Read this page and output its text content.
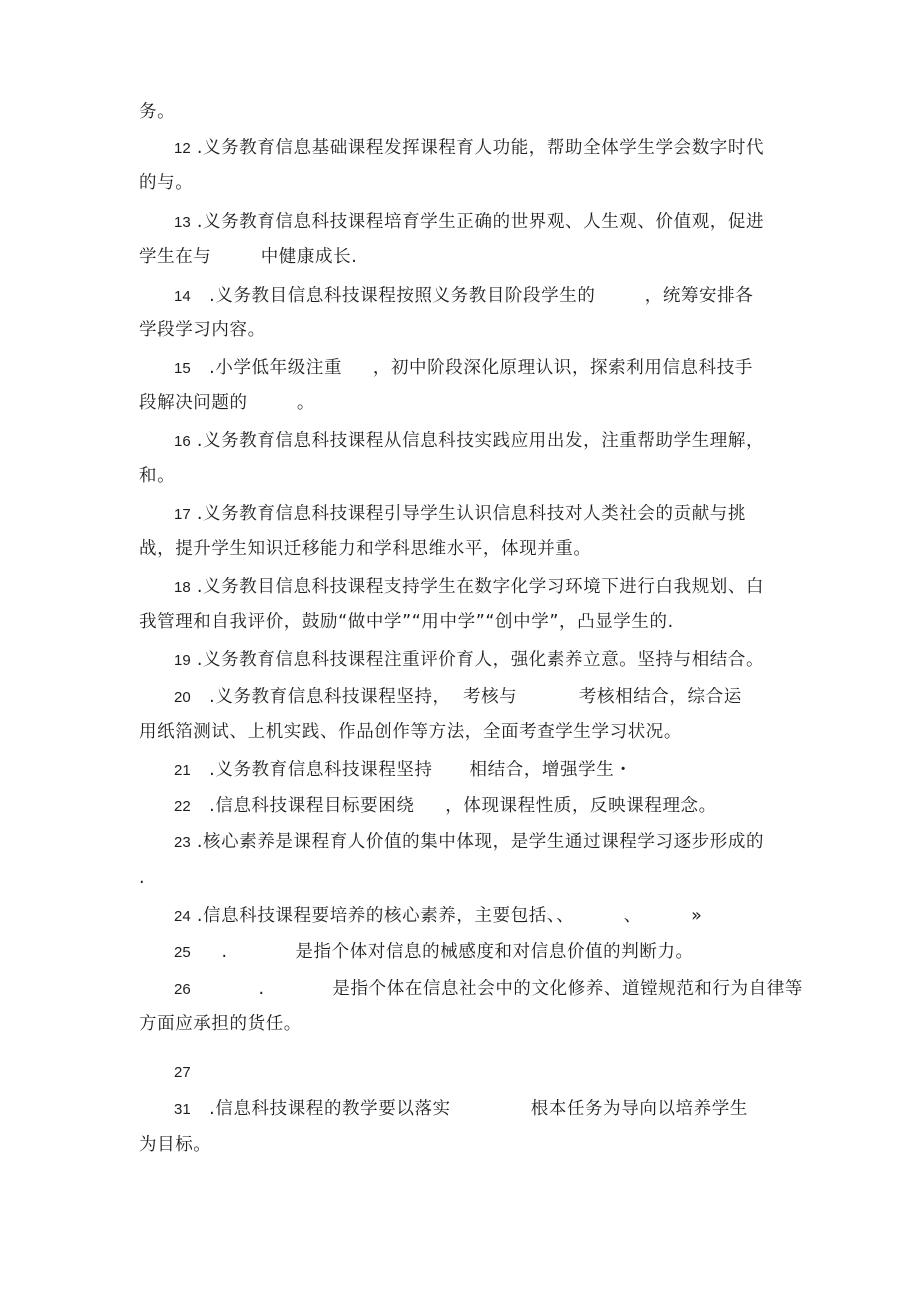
务。
12 .义务教育信息基础课程发挥课程育人功能，帮助全体学生学会数字时代
的与。
13 .义务教育信息科技课程培育学生正确的世界观、人生观、价值观，促进
学生在与        中健康成长.
14   .义务教目信息科技课程按照义务教目阶段学生的        ，统筹安排各
学段学习内容。
15   .小学低年级注重     ，初中阶段深化原理认识，探索利用信息科技手
段解决问题的        。
16 .义务教育信息科技课程从信息科技实践应用出发，注重帮助学生理解，
和。
17 .义务教育信息科技课程引导学生认识信息科技对人类社会的贡献与挑
战，提升学生知识迁移能力和学科思维水平，体现并重。
18 .义务教目信息科技课程支持学生在数字化学习环境下进行白我规划、白
我管理和自我评价，鼓励“做中学”“用中学”“创中学”，凸显学生的.
19 .义务教育信息科技课程注重评价育人，强化素养立意。坚持与相结合。
20   .义务教育信息科技课程坚持，  考核与          考核相结合，综合运
用纸箔测试、上机实践、作品创作等方法，全面考查学生学习状况。
21   .义务教育信息科技课程坚持      相结合，增强学生・
22   .信息科技课程目标要困绕     ，体现课程性质，反映课程理念。
23 .核心素养是课程育人价值的集中体现，是学生通过课程学习逐步形成的
.
24 .信息科技课程要培养的核心素养，主要包括、、        、        »
25     .           是指个体对信息的械感度和对信息价值的判断力。
26           .           是指个体在信息社会中的文化修养、道镗规范和行为自律等
方面应承担的货任。
27
31   .信息科技课程的教学要以落实             根本任务为导向以培养学生
为目标。
